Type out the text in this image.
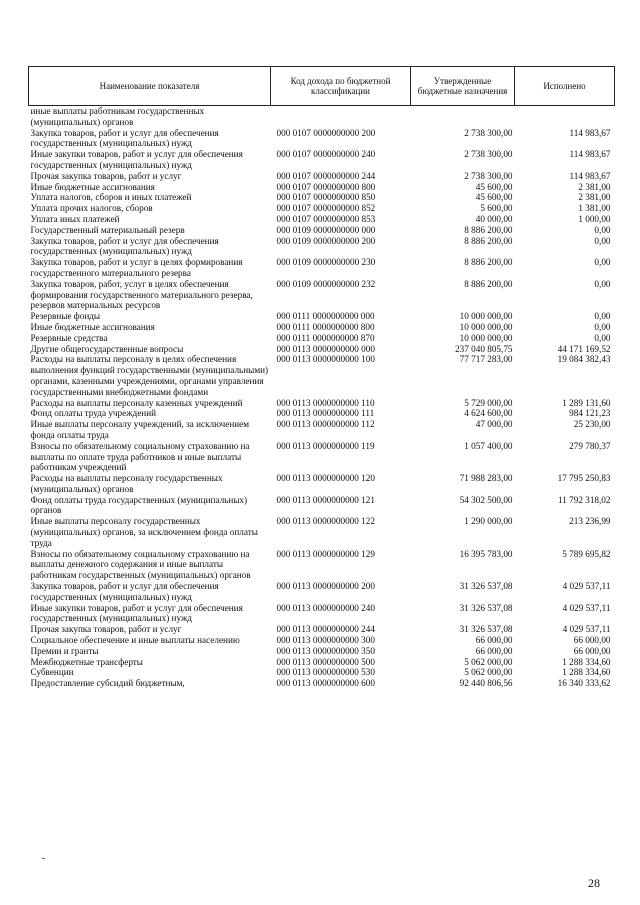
Наименование показателя	Код дохода по бюджетной классификации	Утвержденные бюджетные назначения	Исполнено
иные выплаты работникам государственных (муниципальных) органов			
Закупка товаров, работ и услуг для обеспечения государственных (муниципальных) нужд	000 0107 0000000000 200	2 738 300,00	114 983,67
Иные закупки товаров, работ и услуг для обеспечения государственных (муниципальных) нужд	000 0107 0000000000 240	2 738 300,00	114 983,67
Прочая закупка товаров, работ и услуг	000 0107 0000000000 244	2 738 300,00	114 983,67
Иные бюджетные ассигнования	000 0107 0000000000 800	45 600,00	2 381,00
Уплата налогов, сборов и иных платежей	000 0107 0000000000 850	45 600,00	2 381,00
Уплата прочих налогов, сборов	000 0107 0000000000 852	5 600,00	1 381,00
Уплата иных платежей	000 0107 0000000000 853	40 000,00	1 000,00
Государственный материальный резерв	000 0109 0000000000 000	8 886 200,00	0,00
Закупка товаров, работ и услуг для обеспечения государственных (муниципальных) нужд	000 0109 0000000000 200	8 886 200,00	0,00
Закупка товаров, работ и услуг в целях формирования государственного материального резерва	000 0109 0000000000 230	8 886 200,00	0,00
Закупка товаров, работ, услуг в целях обеспечения формирования государственного материального резерва, резервов материальных ресурсов	000 0109 0000000000 232	8 886 200,00	0,00
Резервные фонды	000 0111 0000000000 000	10 000 000,00	0,00
Иные бюджетные ассигнования	000 0111 0000000000 800	10 000 000,00	0,00
Резервные средства	000 0111 0000000000 870	10 000 000,00	0,00
Другие общегосударственные вопросы	000 0113 0000000000 000	237 040 805,75	44 171 169,52
Расходы на выплаты персоналу в целях обеспечения выполнения функций государственными (муниципальными) органами, казенными учреждениями, органами управления государственными внебюджетными фондами	000 0113 0000000000 100	77 717 283,00	19 084 382,43
Расходы на выплаты персоналу казенных учреждений	000 0113 0000000000 110	5 729 000,00	1 289 131,60
Фонд оплаты труда учреждений	000 0113 0000000000 111	4 624 600,00	984 121,23
Иные выплаты персоналу учреждений, за исключением фонда оплаты труда	000 0113 0000000000 112	47 000,00	25 230,00
Взносы по обязательному социальному страхованию на выплаты по оплате труда работников и иные выплаты работникам учреждений	000 0113 0000000000 119	1 057 400,00	279 780,37
Расходы на выплаты персоналу государственных (муниципальных) органов	000 0113 0000000000 120	71 988 283,00	17 795 250,83
Фонд оплаты труда государственных (муниципальных) органов	000 0113 0000000000 121	54 302 500,00	11 792 318,02
Иные выплаты персоналу государственных (муниципальных) органов, за исключением фонда оплаты труда	000 0113 0000000000 122	1 290 000,00	213 236,99
Взносы по обязательному социальному страхованию на выплаты денежного содержания и иные выплаты работникам государственных (муниципальных) органов	000 0113 0000000000 129	16 395 783,00	5 789 695,82
Закупка товаров, работ и услуг для обеспечения государственных (муниципальных) нужд	000 0113 0000000000 200	31 326 537,08	4 029 537,11
Иные закупки товаров, работ и услуг для обеспечения государственных (муниципальных) нужд	000 0113 0000000000 240	31 326 537,08	4 029 537,11
Прочая закупка товаров, работ и услуг	000 0113 0000000000 244	31 326 537,08	4 029 537,11
Социальное обеспечение и иные выплаты населению	000 0113 0000000000 300	66 000,00	66 000,00
Премии и гранты	000 0113 0000000000 350	66 000,00	66 000,00
Межбюджетные трансферты	000 0113 0000000000 500	5 062 000,00	1 288 334,60
Субвенции	000 0113 0000000000 530	5 062 000,00	1 288 334,60
Предоставление субсидий бюджетным,	000 0113 0000000000 600	92 440 806,56	16 340 333,62
28
